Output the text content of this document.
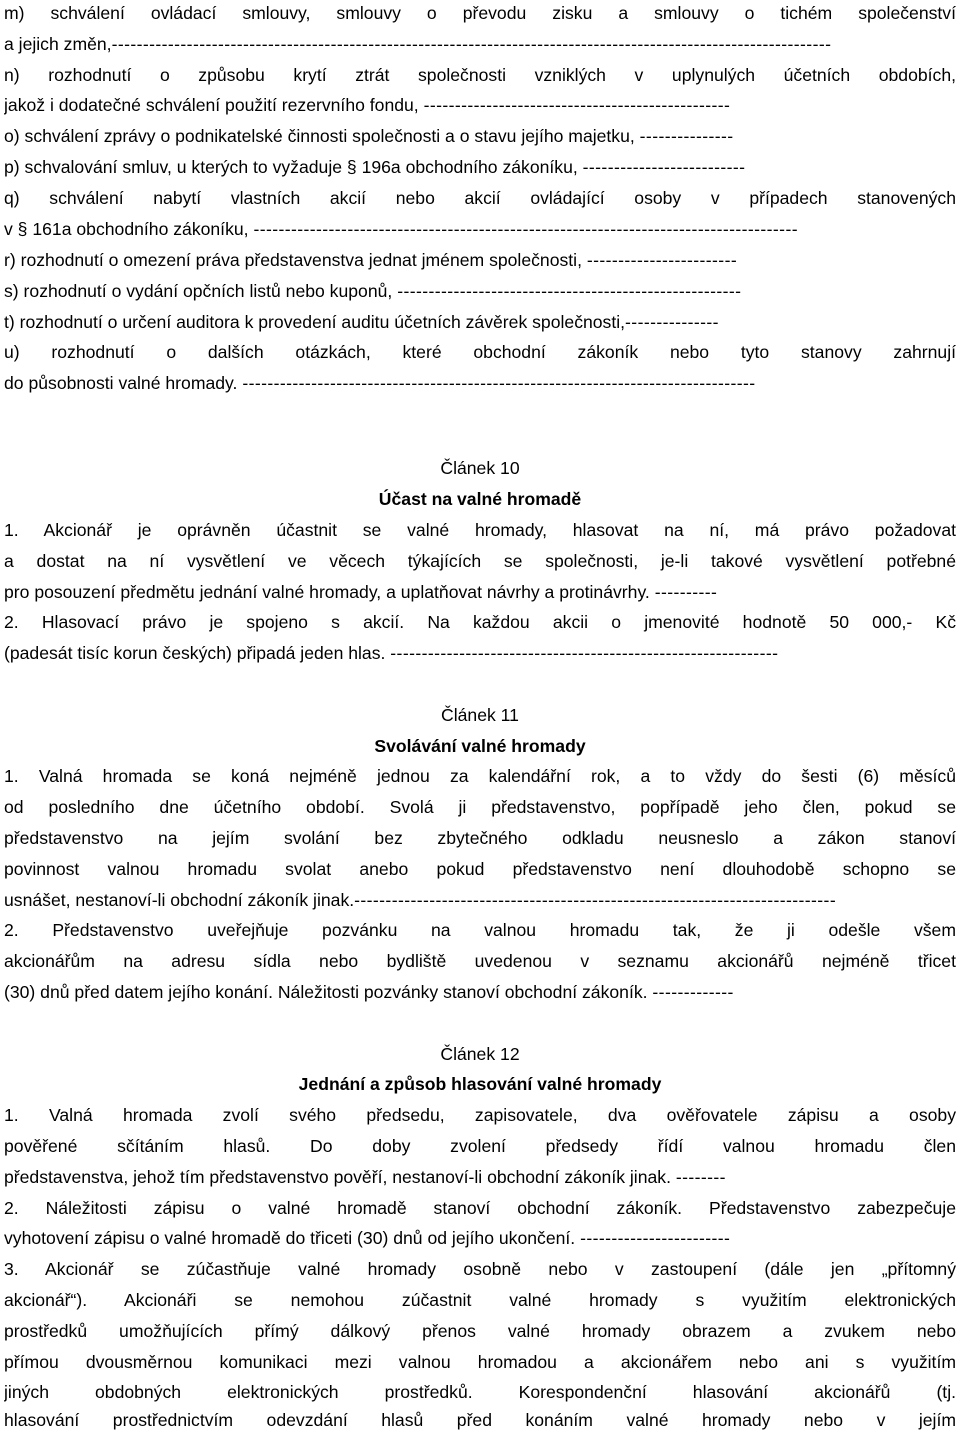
m) schválení ovládací smlouvy, smlouvy o převodu zisku a smlouvy o tichém společenství
a jejich změn, -------------------------------------------------------------------------------------------------------------------
n) rozhodnutí o způsobu krytí ztrát společnosti vzniklých v uplynulých účetních obdobích,
jakož i dodatečné schválení použití rezervního fondu, -------------------------------------------------
o) schválení zprávy o podnikatelské činnosti společnosti a o stavu jejího majetku, ---------------
p) schvalování smluv, u kterých to vyžaduje § 196a obchodního zákoníku, --------------------------
q) schválení nabytí vlastních akcií nebo akcií ovládající osoby v případech stanovených
v § 161a obchodního zákoníku, ---------------------------------------------------------------------------------------
r) rozhodnutí o omezení práva představenstva jednat jménem společnosti, ------------------------
s) rozhodnutí o vydání opčních listů nebo kuponů, -------------------------------------------------------
t) rozhodnutí o určení auditora k provedení auditu účetních závěrek společnosti, ---------------
u) rozhodnutí o dalších otázkách, které obchodní zákoník nebo tyto stanovy zahrnují
do působnosti valné hromady. ----------------------------------------------------------------------------------
Článek 10
Účast na valné hromadě
1. Akcionář je oprávněn účastnit se valné hromady, hlasovat na ní, má právo požadovat
a dostat na ní vysvětlení ve věcech týkajících se společnosti, je-li takové vysvětlení potřebné
pro posouzení předmětu jednání valné hromady, a uplatňovat návrhy a protinávrhy. ----------
2. Hlasovací právo je spojeno s akcií. Na každou akcii o jmenovité hodnotě 50 000,- Kč
(padesát tisíc korun českých) připadá jeden hlas. --------------------------------------------------------------
Článek 11
Svolávání valné hromady
1. Valná hromada se koná nejméně jednou za kalendářní rok, a to vždy do šesti (6) měsíců
od posledního dne účetního období. Svolá ji představenstvo, popřípadě jeho člen, pokud se
představenstvo na jejím svolání bez zbytečného odkladu neusneslo a zákon stanoví
povinnost valnou hromadu svolat anebo pokud představenstvo není dlouhodobě schopno se
usnášet, nestanoví-li obchodní zákoník jinak. -----------------------------------------------------------------------------
2. Představenstvo uveřejňuje pozvánku na valnou hromadu tak, že ji odešle všem
akcionářům na adresu sídla nebo bydliště uvedenou v seznamu akcionářů nejméně třicet
(30) dnů před datem jejího konání. Náležitosti pozvánky stanoví obchodní zákoník. -------------
Článek 12
Jednání a způsob hlasování valné hromady
1. Valná hromada zvolí svého předsedu, zapisovatele, dva ověřovatele zápisu a osoby
pověřené sčítáním hlasů. Do doby zvolení předsedy řídí valnou hromadu člen
představenstva, jehož tím představenstvo pověří, nestanoví-li obchodní zákoník jinak. --------
2. Náležitosti zápisu o valné hromadě stanoví obchodní zákoník. Představenstvo zabezpečuje
vyhotovení zápisu o valné hromadě do třiceti (30) dnů od jejího ukončení. ------------------------
3. Akcionář se zúčastňuje valné hromady osobně nebo v zastoupení (dále jen „přítomný
akcionář“). Akcionáři se nemohou zúčastnit valné hromady s využitím elektronických
prostředků umožňujících přímý dálkový přenos valné hromady obrazem a zvukem nebo
přímou dvousměrnou komunikaci mezi valnou hromadou a akcionářem nebo ani s využitím
jiných obdobných elektronických prostředků. Korespondenční hlasování akcionářů (tj.
hlasování prostřednictvím odevzdání hlasů před konáním valné hromady nebo v jejím
